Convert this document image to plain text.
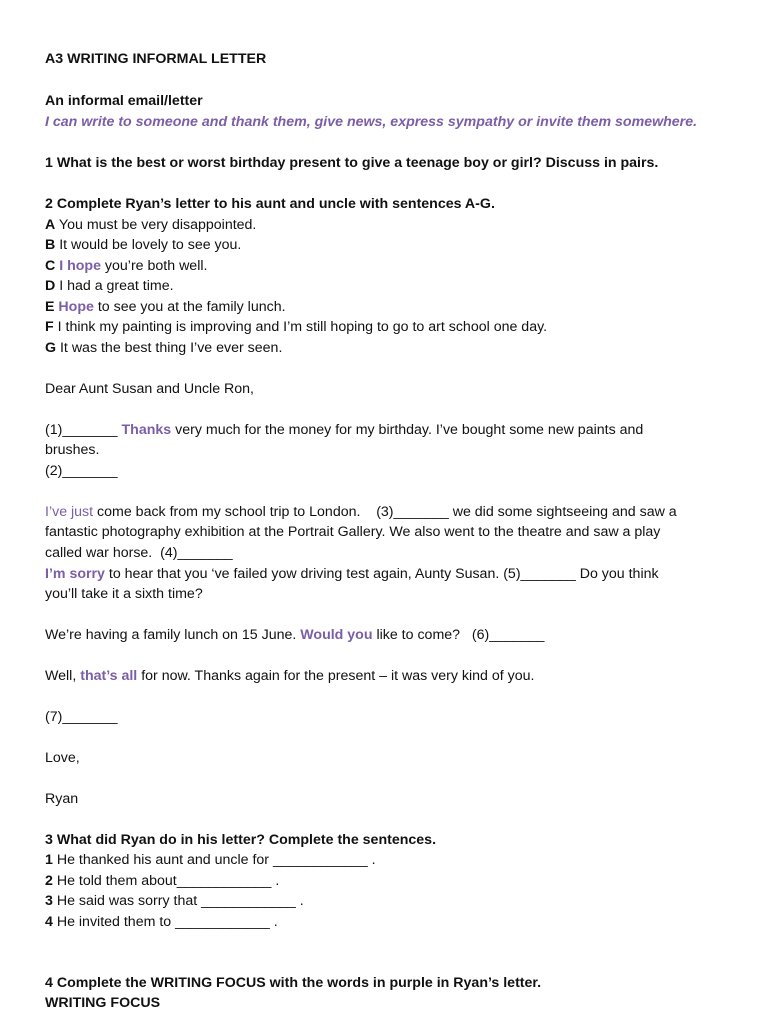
A3 WRITING INFORMAL LETTER
An informal email/letter
I can write to someone and thank them, give news, express sympathy or invite them somewhere.
1 What is the best or worst birthday present to give a teenage boy or girl? Discuss in pairs.
2 Complete Ryan’s letter to his aunt and uncle with sentences A-G.
A You must be very disappointed.
B It would be lovely to see you.
C I hope you’re both well.
D I had a great time.
E Hope to see you at the family lunch.
F I think my painting is improving and I’m still hoping to go to art school one day.
G It was the best thing I’ve ever seen.
Dear Aunt Susan and Uncle Ron,
(1)_______ Thanks very much for the money for my birthday. I’ve bought some new paints and
brushes.
(2)_______
I’ve just come back from my school trip to London.    (3)_______ we did some sightseeing and saw a
fantastic photography exhibition at the Portrait Gallery. We also went to the theatre and saw a play
called war horse.  (4)_______
I’m sorry to hear that you ‘ve failed yow driving test again, Aunty Susan. (5)_______ Do you think
you’ll take it a sixth time?
We’re having a family lunch on 15 June. Would you like to come?   (6)_______
Well, that’s all for now. Thanks again for the present – it was very kind of you.
(7)_______
Love,
Ryan
3 What did Ryan do in his letter? Complete the sentences.
1 He thanked his aunt and uncle for ____________ .
2 He told them about____________ .
3 He said was sorry that ____________ .
4 He invited them to ____________ .
4 Complete the WRITING FOCUS with the words in purple in Ryan’s letter.
WRITING FOCUS
